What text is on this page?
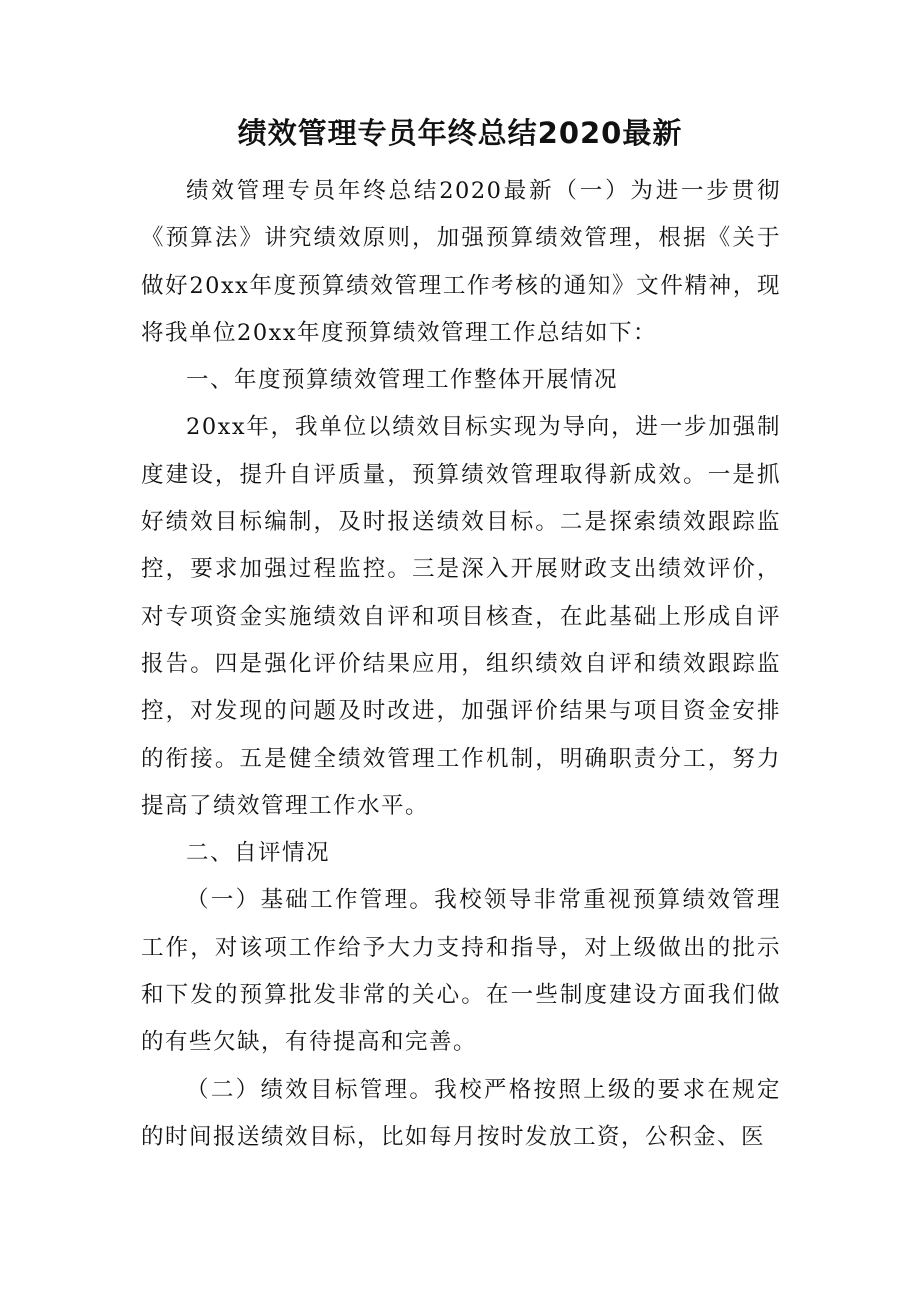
绩效管理专员年终总结2020最新

绩效管理专员年终总结2020最新（一）为进一步贯彻《预算法》讲究绩效原则，加强预算绩效管理，根据《关于做好20xx年度预算绩效管理工作考核的通知》文件精神，现将我单位20xx年度预算绩效管理工作总结如下：

一、年度预算绩效管理工作整体开展情况

20xx年，我单位以绩效目标实现为导向，进一步加强制度建设，提升自评质量，预算绩效管理取得新成效。一是抓好绩效目标编制，及时报送绩效目标。二是探索绩效跟踪监控，要求加强过程监控。三是深入开展财政支出绩效评价，对专项资金实施绩效自评和项目核查，在此基础上形成自评报告。四是强化评价结果应用，组织绩效自评和绩效跟踪监控，对发现的问题及时改进，加强评价结果与项目资金安排的衔接。五是健全绩效管理工作机制，明确职责分工，努力提高了绩效管理工作水平。

二、自评情况

（一）基础工作管理。我校领导非常重视预算绩效管理工作，对该项工作给予大力支持和指导，对上级做出的批示和下发的预算批发非常的关心。在一些制度建设方面我们做的有些欠缺，有待提高和完善。

（二）绩效目标管理。我校严格按照上级的要求在规定的时间报送绩效目标，比如每月按时发放工资，公积金、医
